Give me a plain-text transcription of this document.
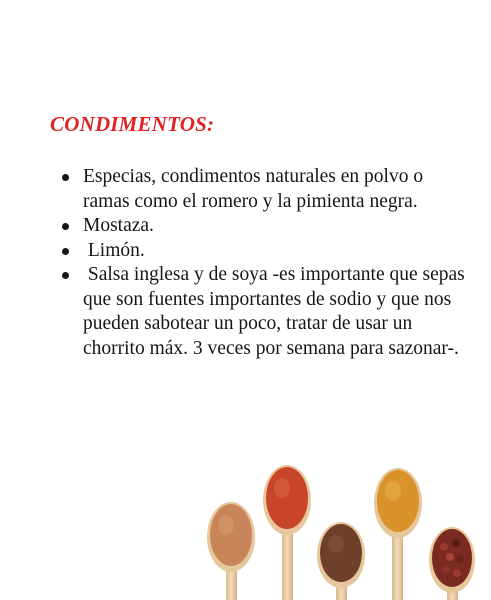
CONDIMENTOS:
Especias, condimentos naturales en polvo o ramas como el romero y la pimienta negra.
Mostaza.
Limón.
Salsa inglesa y de soya -es importante que sepas que son fuentes importantes de sodio y que nos pueden sabotear un poco, tratar de usar un chorrito máx. 3 veces por semana para sazonar-.
